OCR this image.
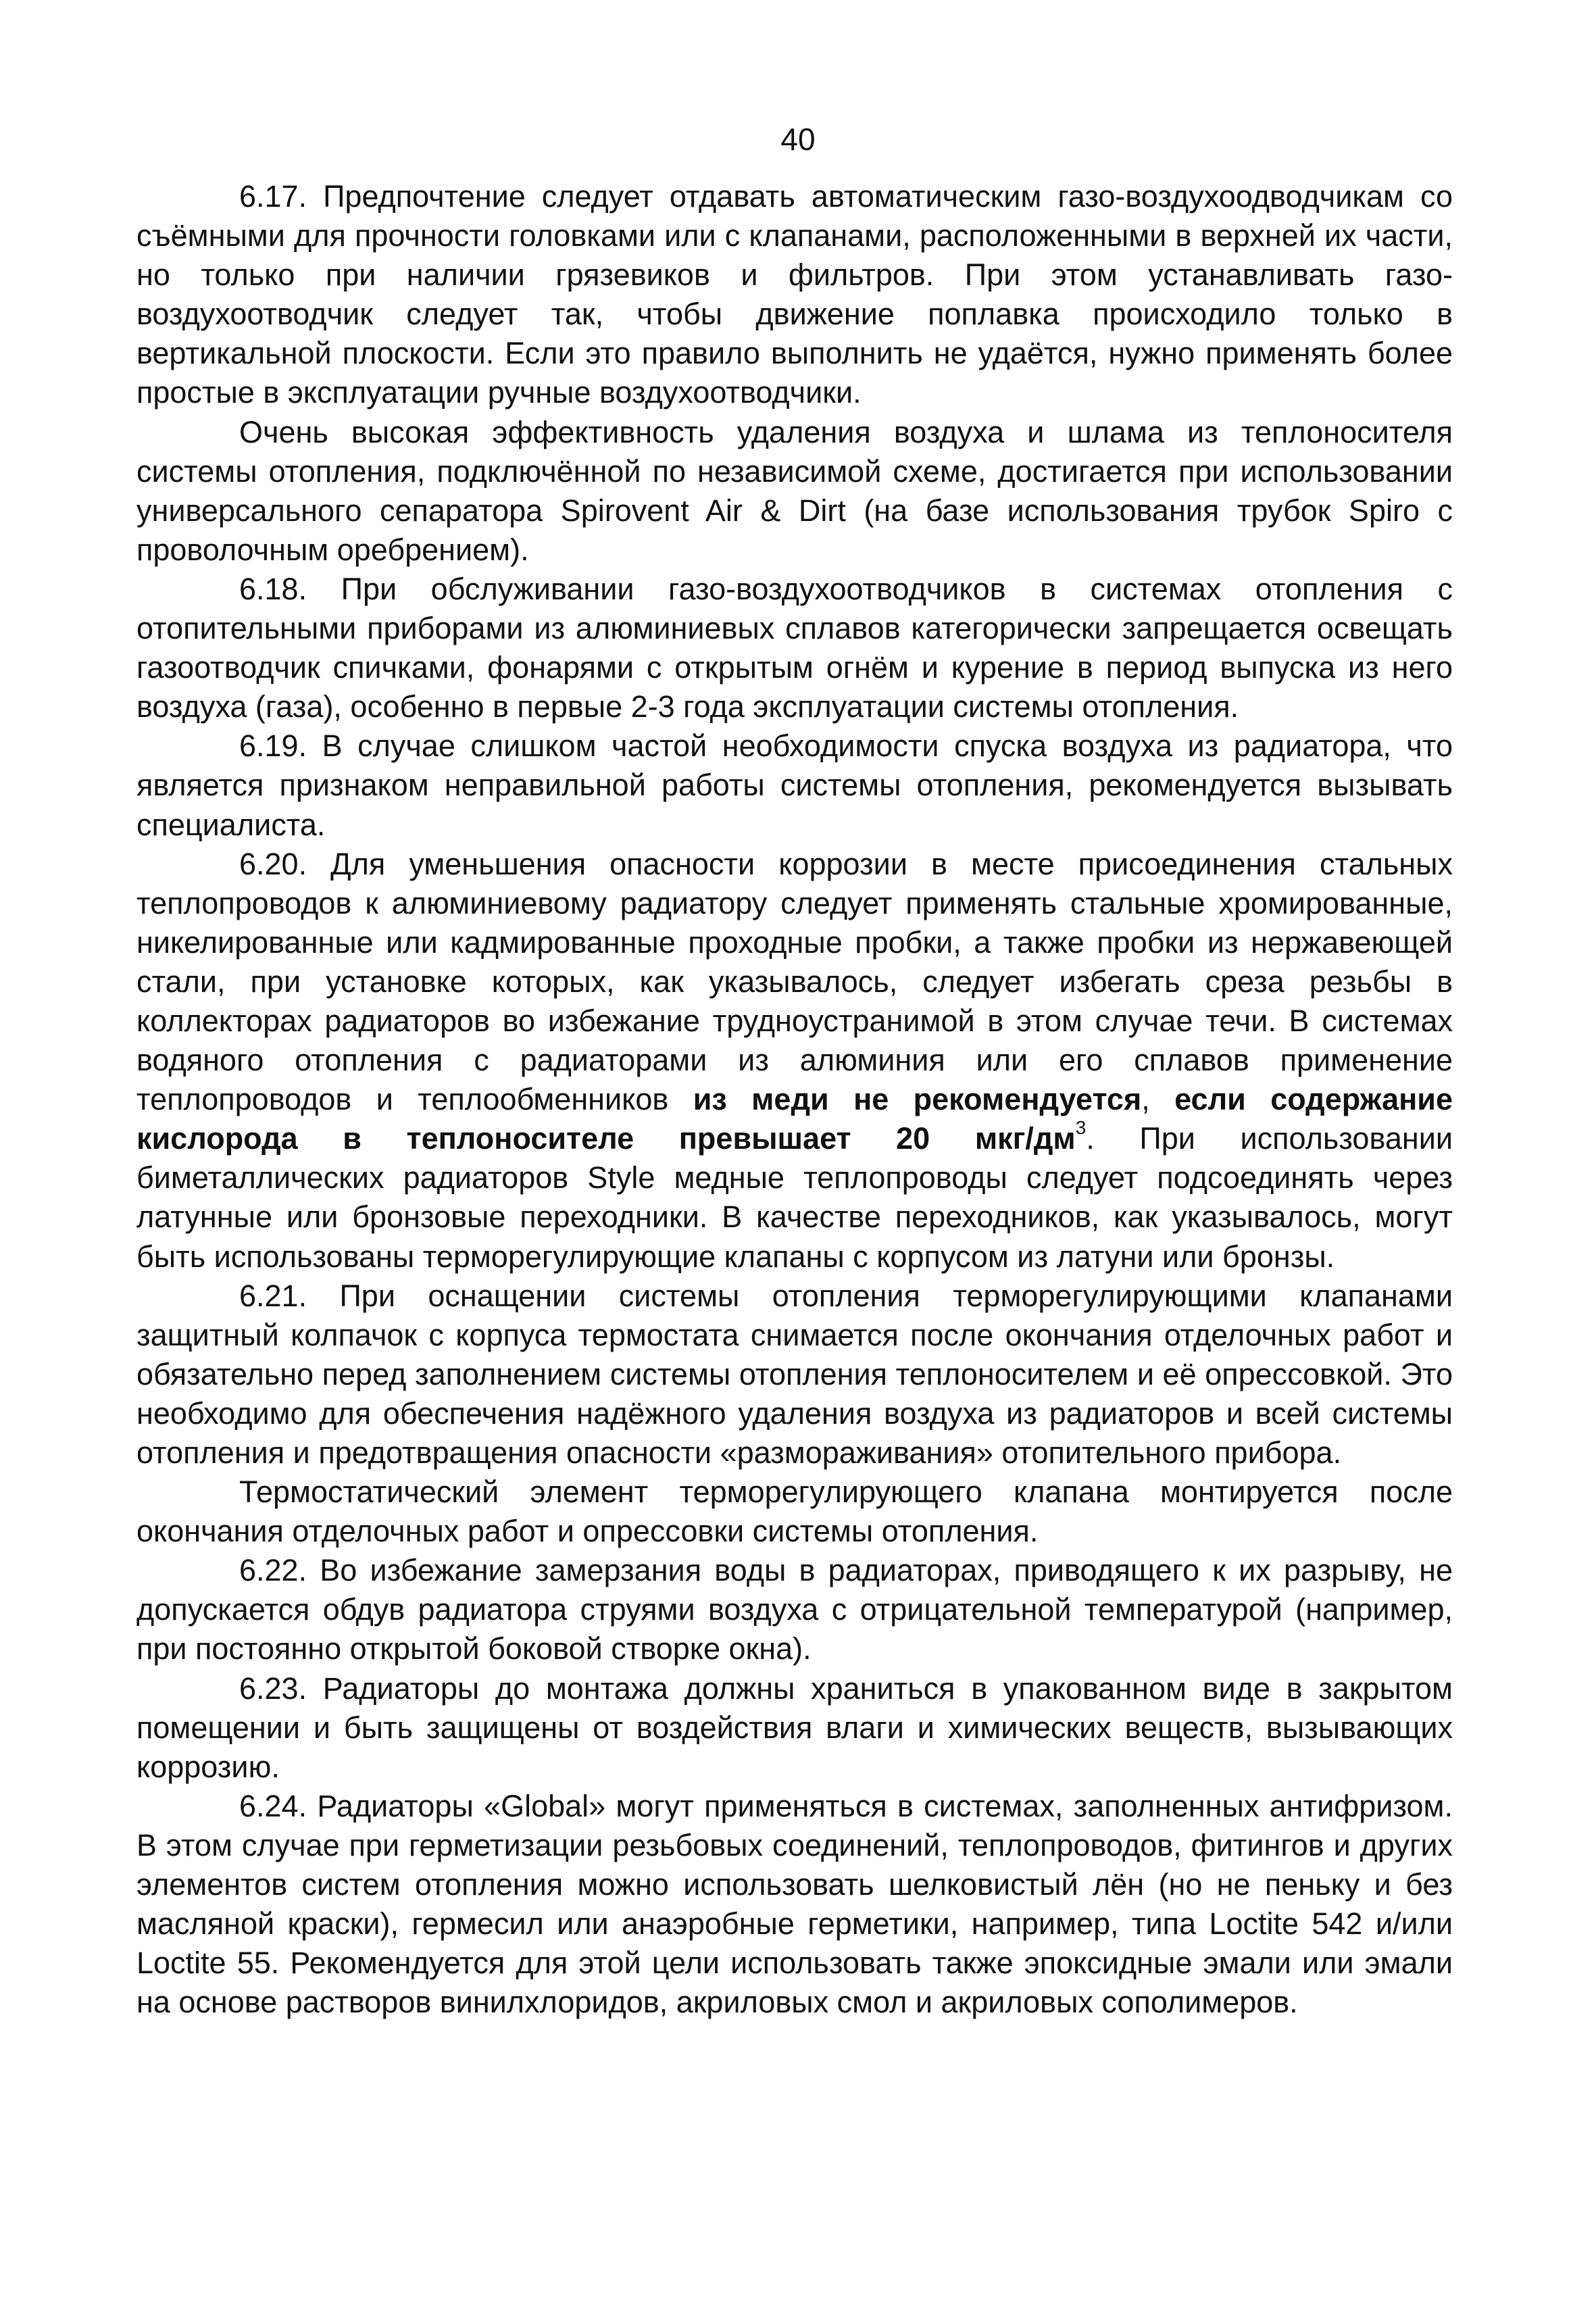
40

6.17. Предпочтение следует отдавать автоматическим газо-воздухоодводчикам со съёмными для прочности головками или с клапанами, расположенными в верхней их части, но только при наличии грязевиков и фильтров. При этом устанавливать газо-воздухоотводчик следует так, чтобы движение поплавка происходило только в вертикальной плоскости. Если это правило выполнить не удаётся, нужно применять более простые в эксплуатации ручные воздухоотводчики.

Очень высокая эффективность удаления воздуха и шлама из теплоносителя системы отопления, подключённой по независимой схеме, достигается при использовании универсального сепаратора Spirovent Air & Dirt (на базе использования трубок Spiro с проволочным оребрением).

6.18. При обслуживании газо-воздухоотводчиков в системах отопления с отопительными приборами из алюминиевых сплавов категорически запрещается освещать газоотводчик спичками, фонарями с открытым огнём и курение в период выпуска из него воздуха (газа), особенно в первые 2-3 года эксплуатации системы отопления.

6.19. В случае слишком частой необходимости спуска воздуха из радиатора, что является признаком неправильной работы системы отопления, рекомендуется вызывать специалиста.

6.20. Для уменьшения опасности коррозии в месте присоединения стальных теплопроводов к алюминиевому радиатору следует применять стальные хромированные, никелированные или кадмированные проходные пробки, а также пробки из нержавеющей стали, при установке которых, как указывалось, следует избегать среза резьбы в коллекторах радиаторов во избежание трудноустранимой в этом случае течи. В системах водяного отопления с радиаторами из алюминия или его сплавов применение теплопроводов и теплообменников из меди не рекомендуется, если содержание кислорода в теплоносителе превышает 20 мкг/$дм^3$. При использовании биметаллических радиаторов Style медные теплопроводы следует подсоединять через латунные или бронзовые переходники. В качестве переходников, как указывалось, могут быть использованы терморегулирующие клапаны с корпусом из латуни или бронзы.

6.21. При оснащении системы отопления терморегулирующими клапанами защитный колпачок с корпуса термостата снимается после окончания отделочных работ и обязательно перед заполнением системы отопления теплоносителем и её опрессовкой. Это необходимо для обеспечения надёжного удаления воздуха из радиаторов и всей системы отопления и предотвращения опасности «размораживания» отопительного прибора.

Термостатический элемент терморегулирующего клапана монтируется после окончания отделочных работ и опрессовки системы отопления.

6.22. Во избежание замерзания воды в радиаторах, приводящего к их разрыву, не допускается обдув радиатора струями воздуха с отрицательной температурой (например, при постоянно открытой боковой створке окна).

6.23. Радиаторы до монтажа должны храниться в упакованном виде в закрытом помещении и быть защищены от воздействия влаги и химических веществ, вызывающих коррозию.

6.24. Радиаторы «Global» могут применяться в системах, заполненных антифризом. В этом случае при герметизации резьбовых соединений, теплопроводов, фитингов и других элементов систем отопления можно использовать шелковистый лён (но не пеньку и без масляной краски), гермесил или анаэробные герметики, например, типа Loctite 542 и/или Loctite 55. Рекомендуется для этой цели использовать также эпоксидные эмали или эмали на основе растворов винилхлоридов, акриловых смол и акриловых сополимеров.
